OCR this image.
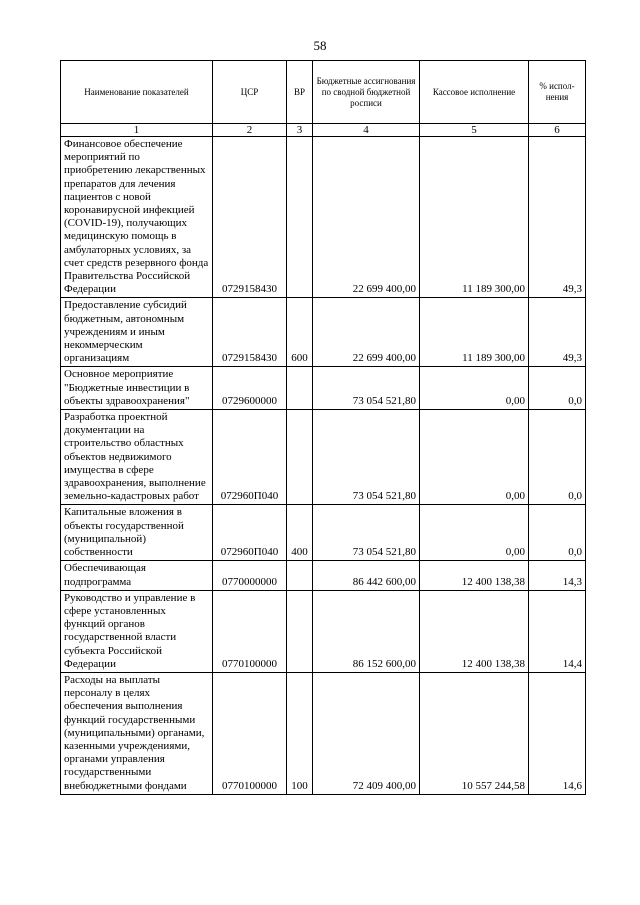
58
Наименование показателей	ЦСР	ВР	Бюджетные ассигнования по сводной бюджетной росписи	Кассовое исполнение	% испол-нения
1	2	3	4	5	6
Финансовое обеспечение мероприятий по приобретению лекарственных препаратов для лечения пациентов с новой коронавирусной инфекцией (COVID-19), получающих медицинскую помощь в амбулаторных условиях, за счет средств резервного фонда Правительства Российской Федерации	0729158430		22 699 400,00	11 189 300,00	49,3
Предоставление субсидий бюджетным, автономным учреждениям и иным некоммерческим организациям	0729158430	600	22 699 400,00	11 189 300,00	49,3
Основное мероприятие "Бюджетные инвестиции в объекты здравоохранения"	0729600000		73 054 521,80	0,00	0,0
Разработка проектной документации на строительство областных объектов недвижимого имущества в сфере здравоохранения, выполнение земельно-кадастровых работ	072960П040		73 054 521,80	0,00	0,0
Капитальные вложения в объекты государственной (муниципальной) собственности	072960П040	400	73 054 521,80	0,00	0,0
Обеспечивающая подпрограмма	0770000000		86 442 600,00	12 400 138,38	14,3
Руководство и управление в сфере установленных функций органов государственной власти субъекта Российской Федерации	0770100000		86 152 600,00	12 400 138,38	14,4
Расходы на выплаты персоналу в целях обеспечения выполнения функций государственными (муниципальными) органами, казенными учреждениями, органами управления государственными внебюджетными фондами	0770100000	100	72 409 400,00	10 557 244,58	14,6
